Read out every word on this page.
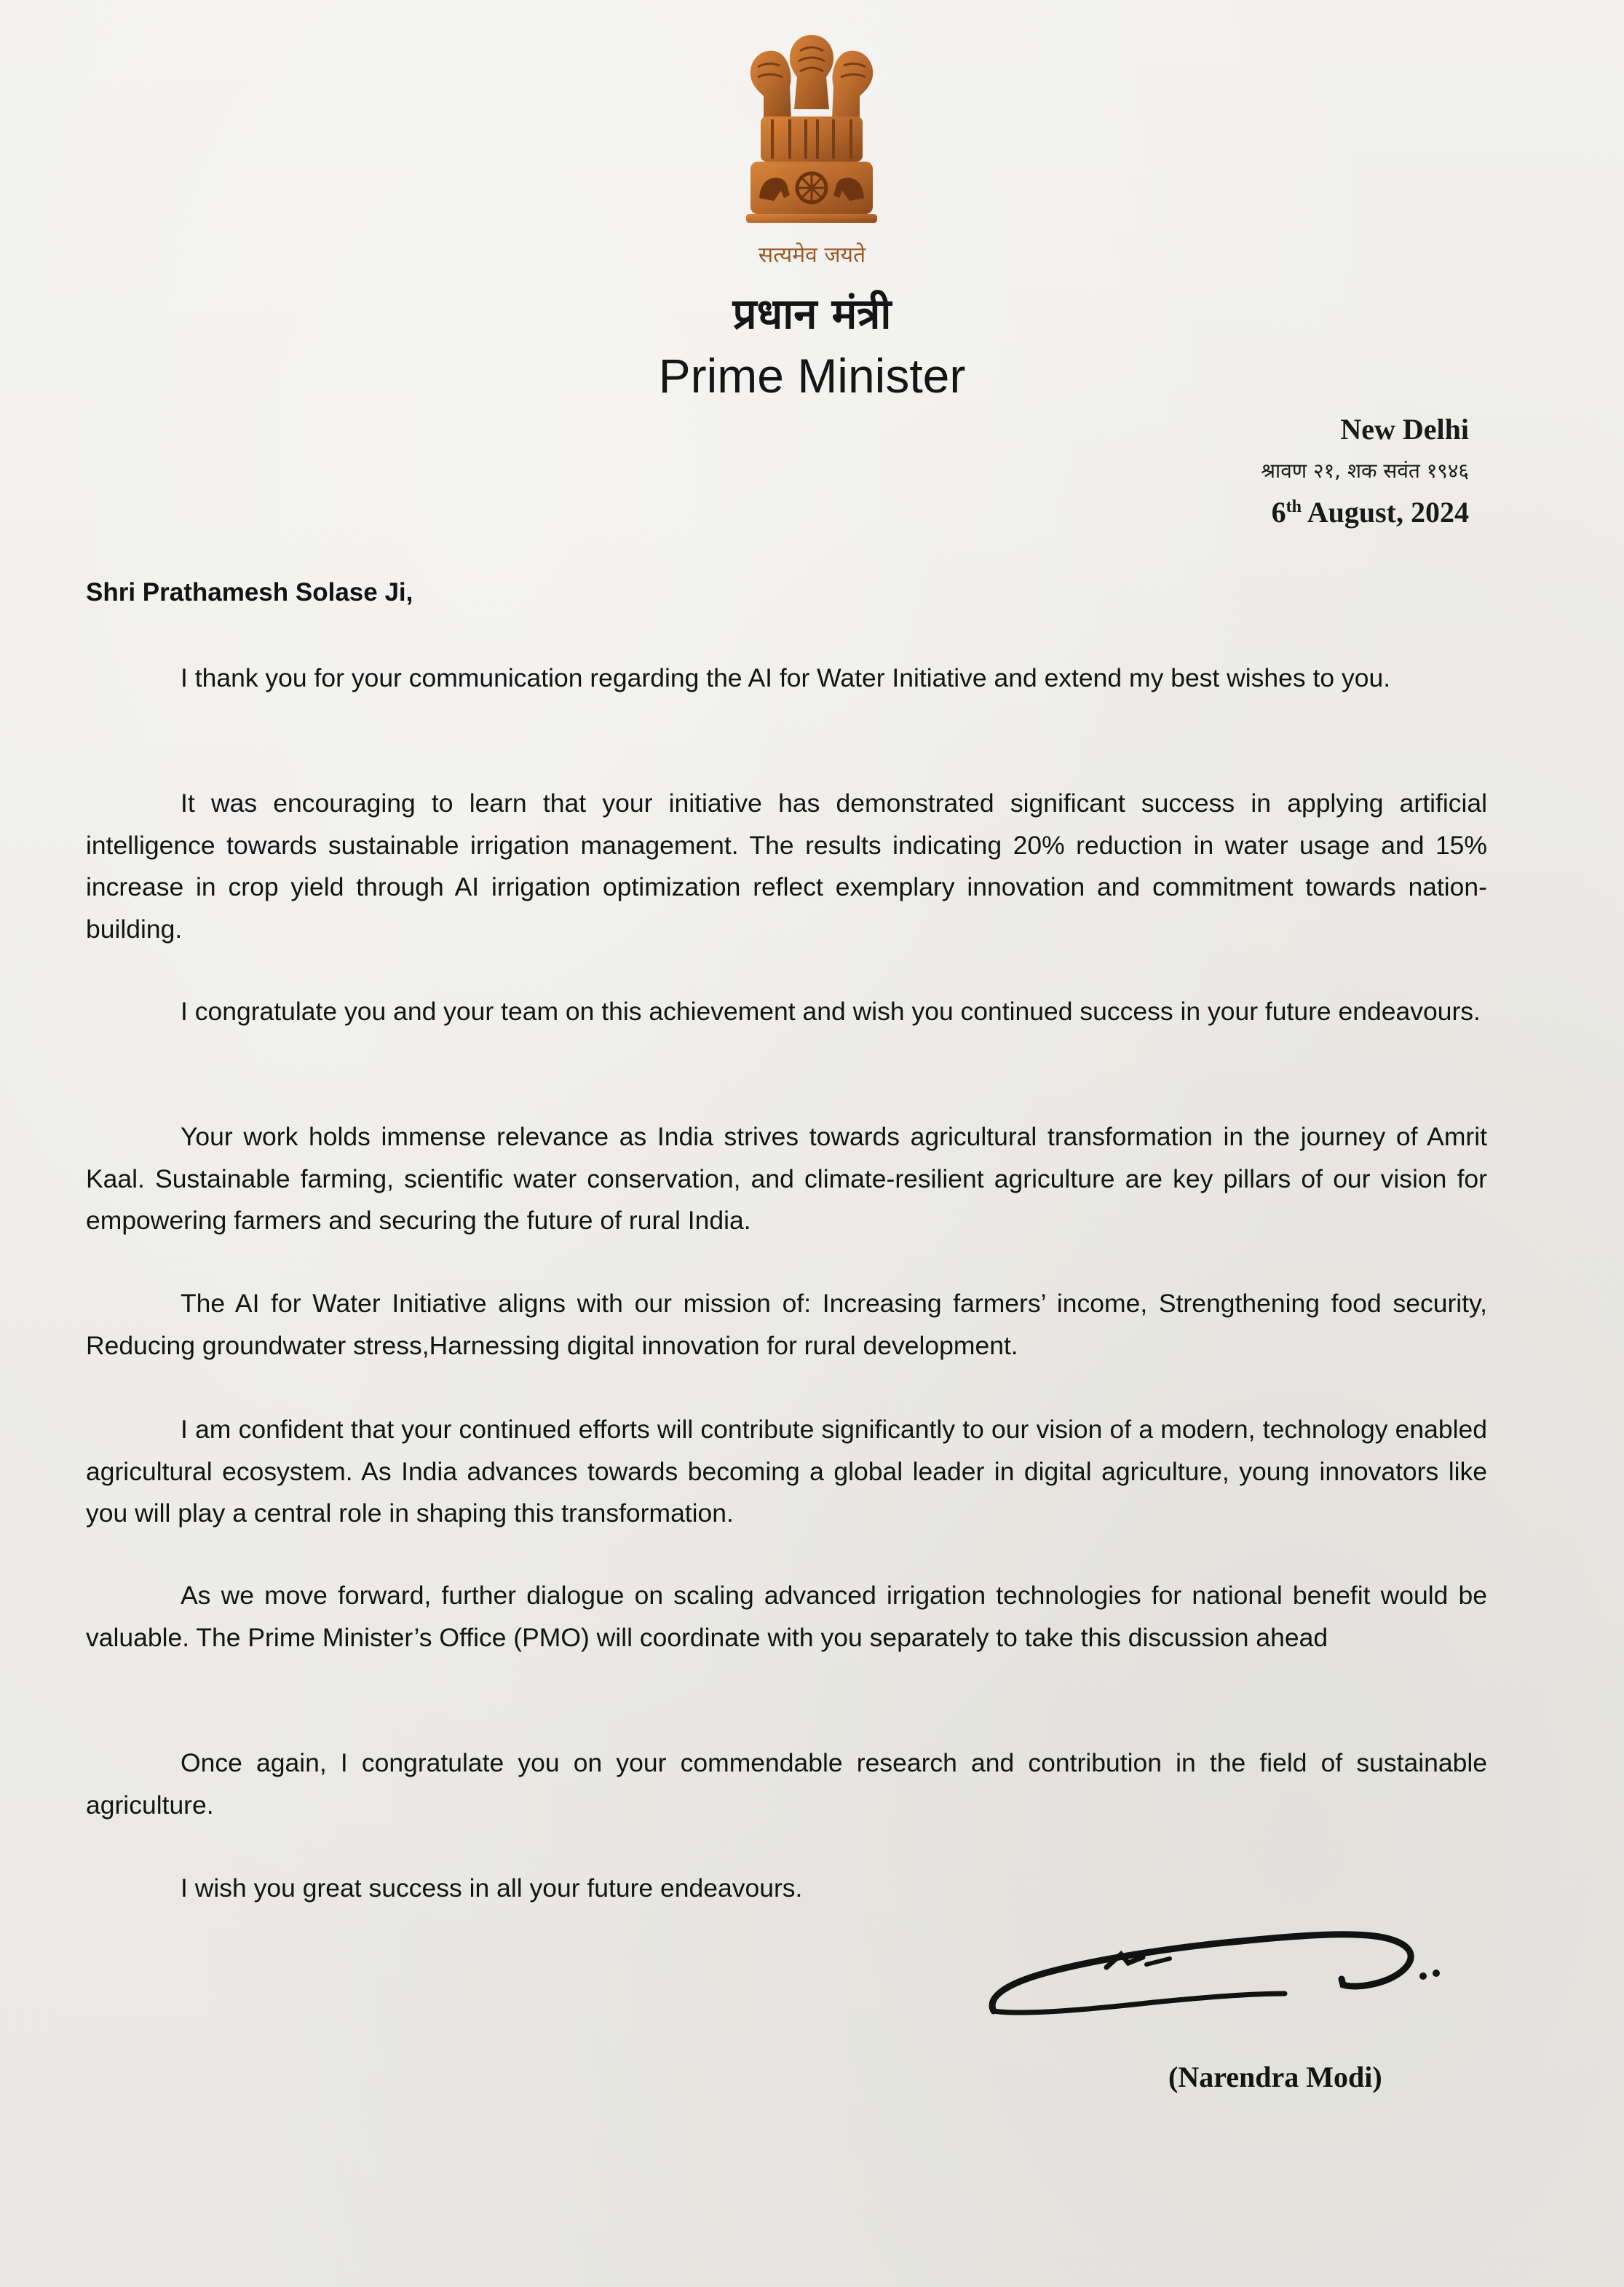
सत्यमेव जयते
प्रधान मंत्री
Prime Minister
New Delhi
श्रावण २१, शक सवंत १९४६
6th August, 2024
Shri Prathamesh Solase Ji,

I thank you for your communication regarding the AI for Water Initiative and extend my best wishes to you.

It was encouraging to learn that your initiative has demonstrated significant success in applying artificial intelligence towards sustainable irrigation management. The results indicating 20% reduction in water usage and 15% increase in crop yield through AI irrigation optimization reflect exemplary innovation and commitment towards nation-building.

I congratulate you and your team on this achievement and wish you continued success in your future endeavours.

Your work holds immense relevance as India strives towards agricultural transformation in the journey of Amrit Kaal. Sustainable farming, scientific water conservation, and climate-resilient agriculture are key pillars of our vision for empowering farmers and securing the future of rural India.

The AI for Water Initiative aligns with our mission of: Increasing farmers’ income, Strengthening food security, Reducing groundwater stress,Harnessing digital innovation for rural development.

I am confident that your continued efforts will contribute significantly to our vision of a modern, technology enabled agricultural ecosystem. As India advances towards becoming a global leader in digital agriculture, young innovators like you will play a central role in shaping this transformation.

As we move forward, further dialogue on scaling advanced irrigation technologies for national benefit would be valuable. The Prime Minister’s Office (PMO) will coordinate with you separately to take this discussion ahead

Once again, I congratulate you on your commendable research and contribution in the field of sustainable agriculture.

I wish you great success in all your future endeavours.

(Narendra Modi)
